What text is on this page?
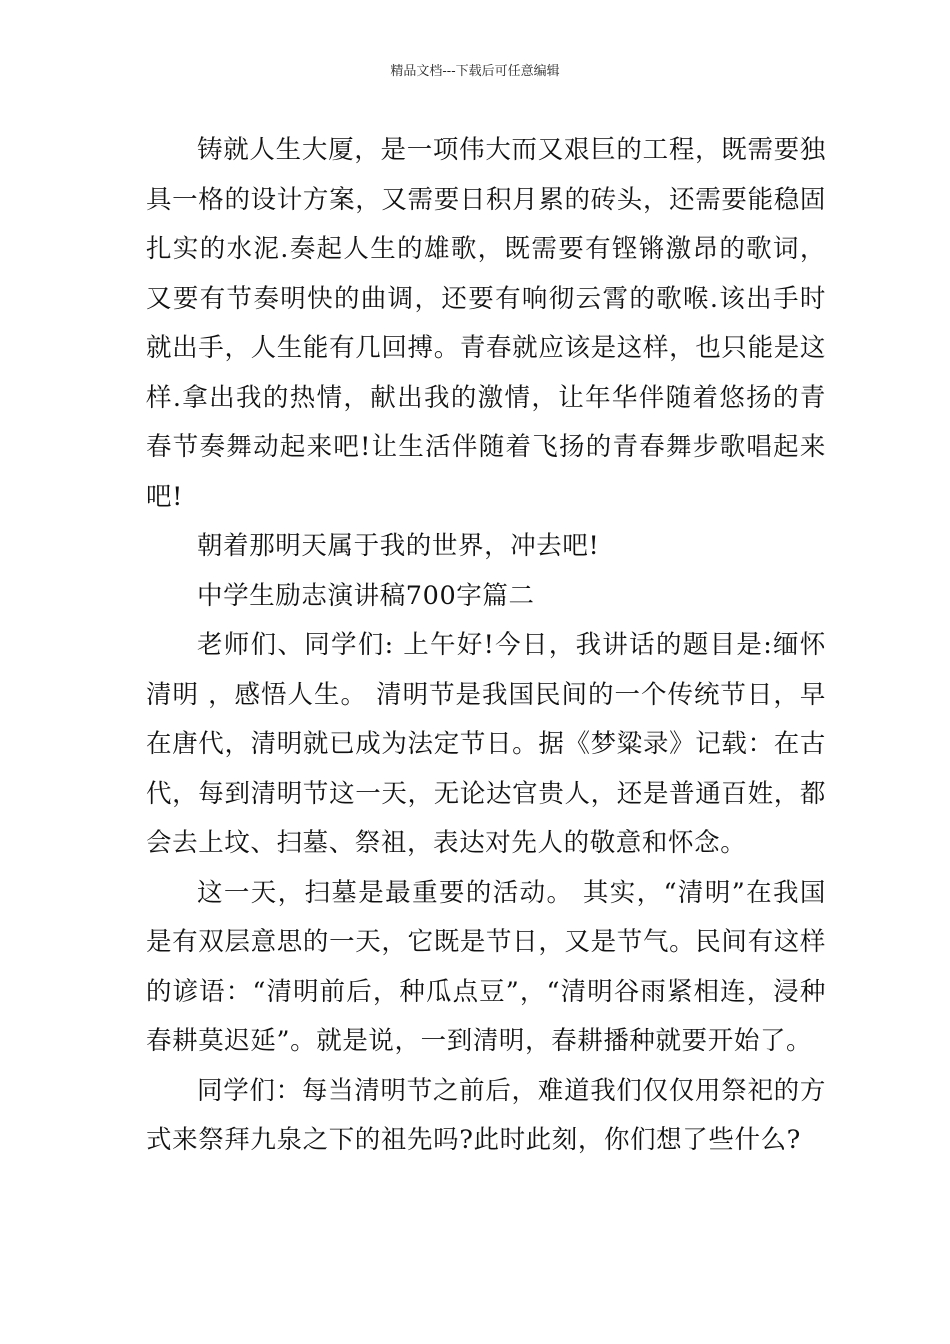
精品文档---下载后可任意编辑

铸就人生大厦，是一项伟大而又艰巨的工程，既需要独具一格的设计方案，又需要日积月累的砖头，还需要能稳固扎实的水泥.奏起人生的雄歌，既需要有铿锵激昂的歌词，又要有节奏明快的曲调，还要有响彻云霄的歌喉.该出手时就出手，人生能有几回搏。青春就应该是这样，也只能是这样.拿出我的热情，献出我的激情，让年华伴随着悠扬的青春节奏舞动起来吧!让生活伴随着飞扬的青春舞步歌唱起来吧!

朝着那明天属于我的世界，冲去吧!

中学生励志演讲稿700字篇二

老师们、同学们: 上午好!今日，我讲话的题目是:缅怀清明 ，感悟人生。 清明节是我国民间的一个传统节日，早在唐代，清明就已成为法定节日。据《梦粱录》记载：在古代，每到清明节这一天，无论达官贵人，还是普通百姓，都会去上坟、扫墓、祭祖，表达对先人的敬意和怀念。

这一天，扫墓是最重要的活动。 其实，“清明”在我国是有双层意思的一天，它既是节日，又是节气。民间有这样的谚语：“清明前后，种瓜点豆”，“清明谷雨紧相连，浸种春耕莫迟延”。就是说，一到清明，春耕播种就要开始了。

同学们：每当清明节之前后，难道我们仅仅用祭祀的方式来祭拜九泉之下的祖先吗?此时此刻，你们想了些什么?
